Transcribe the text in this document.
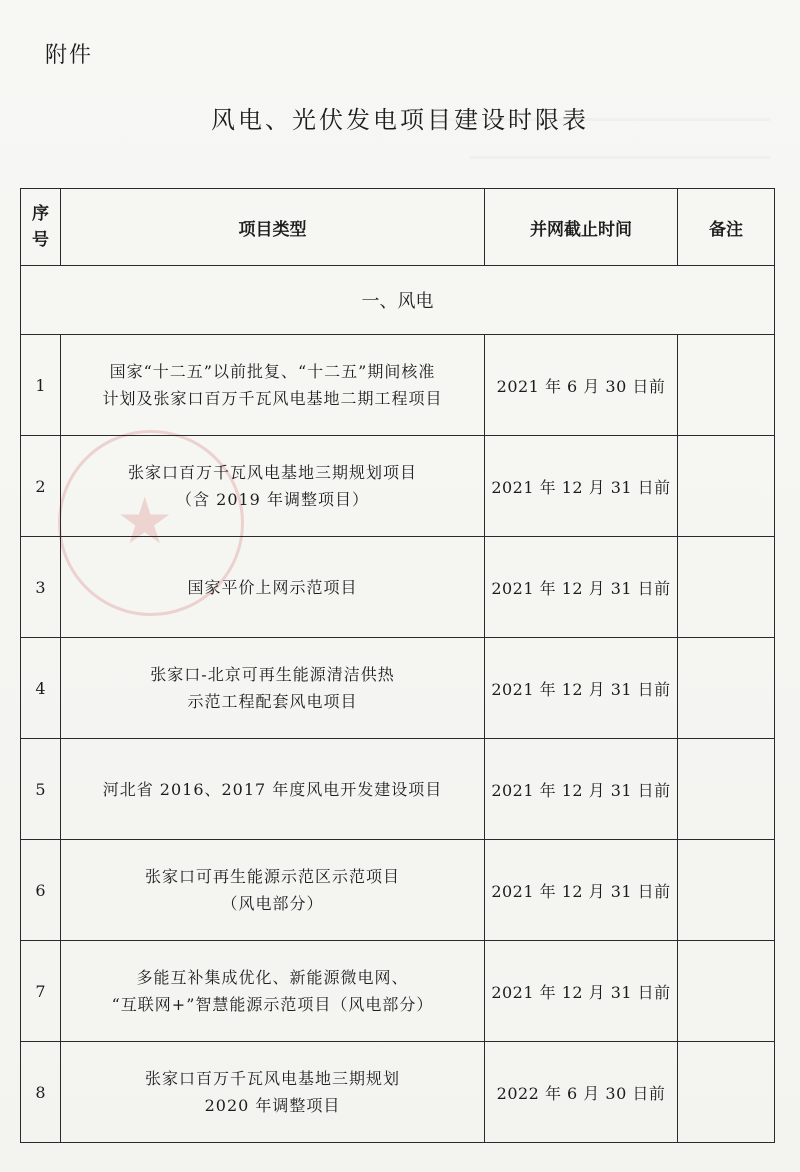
★
附件
风电、光伏发电项目建设时限表
序
号	项目类型	并网截止时间	备注
一、风电			
1	国家“十二五”以前批复、“十二五”期间核准
计划及张家口百万千瓦风电基地二期工程项目	2021 年 6 月 30 日前	
2	张家口百万千瓦风电基地三期规划项目
（含 2019 年调整项目）	2021 年 12 月 31 日前	
3	国家平价上网示范项目	2021 年 12 月 31 日前	
4	张家口-北京可再生能源清洁供热
示范工程配套风电项目	2021 年 12 月 31 日前	
5	河北省 2016、2017 年度风电开发建设项目	2021 年 12 月 31 日前	
6	张家口可再生能源示范区示范项目
（风电部分）	2021 年 12 月 31 日前	
7	多能互补集成优化、新能源微电网、
“互联网+”智慧能源示范项目（风电部分）	2021 年 12 月 31 日前	
8	张家口百万千瓦风电基地三期规划
2020 年调整项目	2022 年 6 月 30 日前	
